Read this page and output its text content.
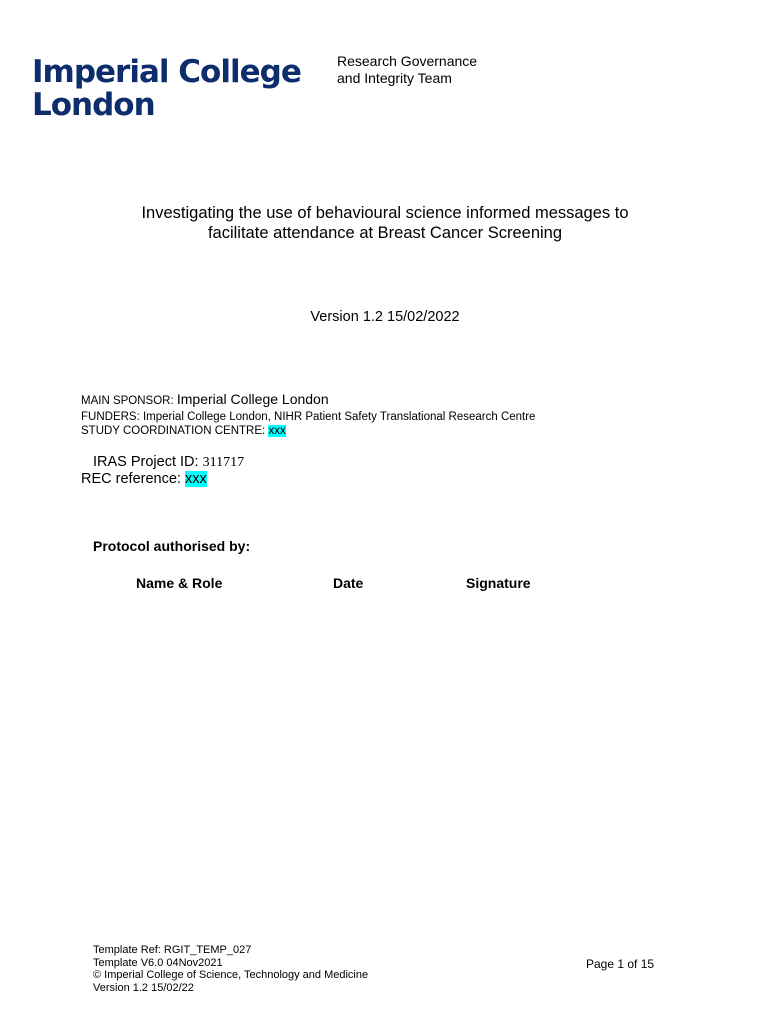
Imperial College
London
Research Governance
and Integrity Team
Investigating the use of behavioural science informed messages to
facilitate attendance at Breast Cancer Screening
Version 1.2 15/02/2022
MAIN SPONSOR: Imperial College London
FUNDERS: Imperial College London, NIHR Patient Safety Translational Research Centre
STUDY COORDINATION CENTRE: xxx
IRAS Project ID: 311717
REC reference: xxx
Protocol authorised by:
Name & Role	Date	Signature
Template Ref: RGIT_TEMP_027
Template V6.0 04Nov2021
© Imperial College of Science, Technology and Medicine
Version 1.2 15/02/22
Page 1 of 15
